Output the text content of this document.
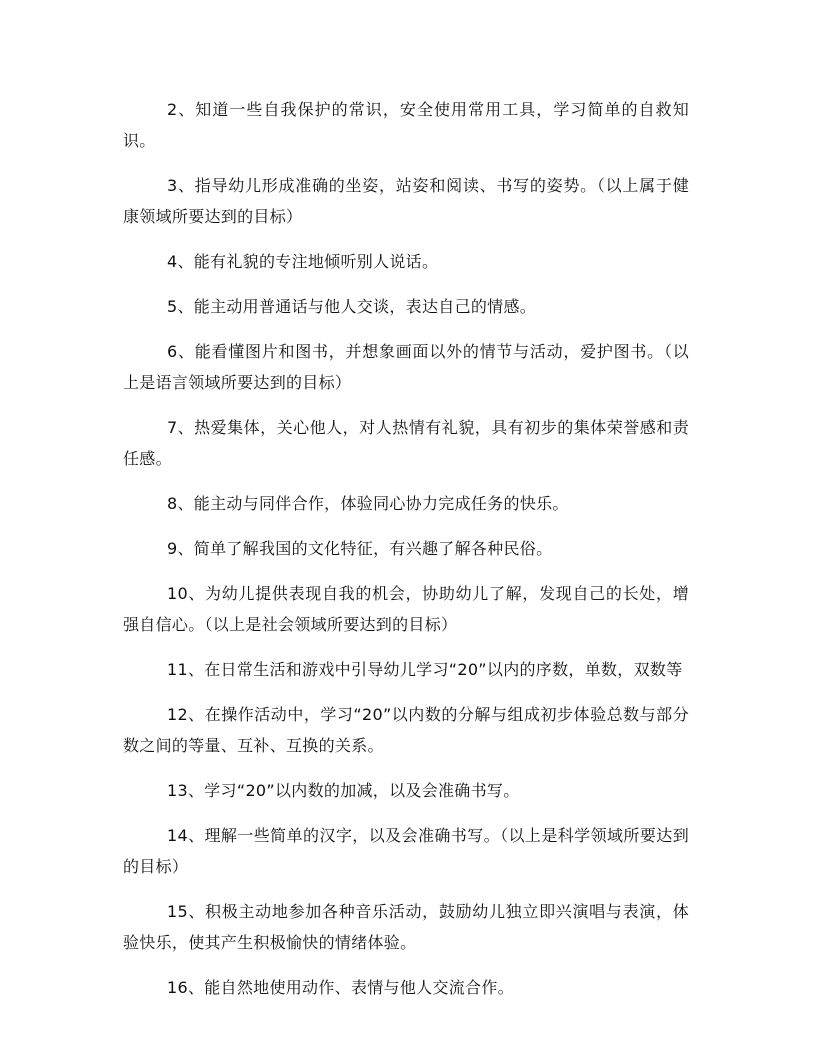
2、知道一些自我保护的常识，安全使用常用工具，学习简单的自救知识。

3、指导幼儿形成准确的坐姿，站姿和阅读、书写的姿势。（以上属于健康领域所要达到的目标）

4、能有礼貌的专注地倾听别人说话。

5、能主动用普通话与他人交谈，表达自己的情感。

6、能看懂图片和图书，并想象画面以外的情节与活动，爱护图书。（以上是语言领域所要达到的目标）

7、热爱集体，关心他人，对人热情有礼貌，具有初步的集体荣誉感和责任感。

8、能主动与同伴合作，体验同心协力完成任务的快乐。

9、简单了解我国的文化特征，有兴趣了解各种民俗。

10、为幼儿提供表现自我的机会，协助幼儿了解，发现自己的长处，增强自信心。（以上是社会领域所要达到的目标）

11、在日常生活和游戏中引导幼儿学习“20”以内的序数，单数，双数等

12、在操作活动中，学习“20”以内数的分解与组成初步体验总数与部分数之间的等量、互补、互换的关系。

13、学习“20”以内数的加减，以及会准确书写。

14、理解一些简单的汉字，以及会准确书写。（以上是科学领域所要达到的目标）

15、积极主动地参加各种音乐活动，鼓励幼儿独立即兴演唱与表演，体验快乐，使其产生积极愉快的情绪体验。

16、能自然地使用动作、表情与他人交流合作。
